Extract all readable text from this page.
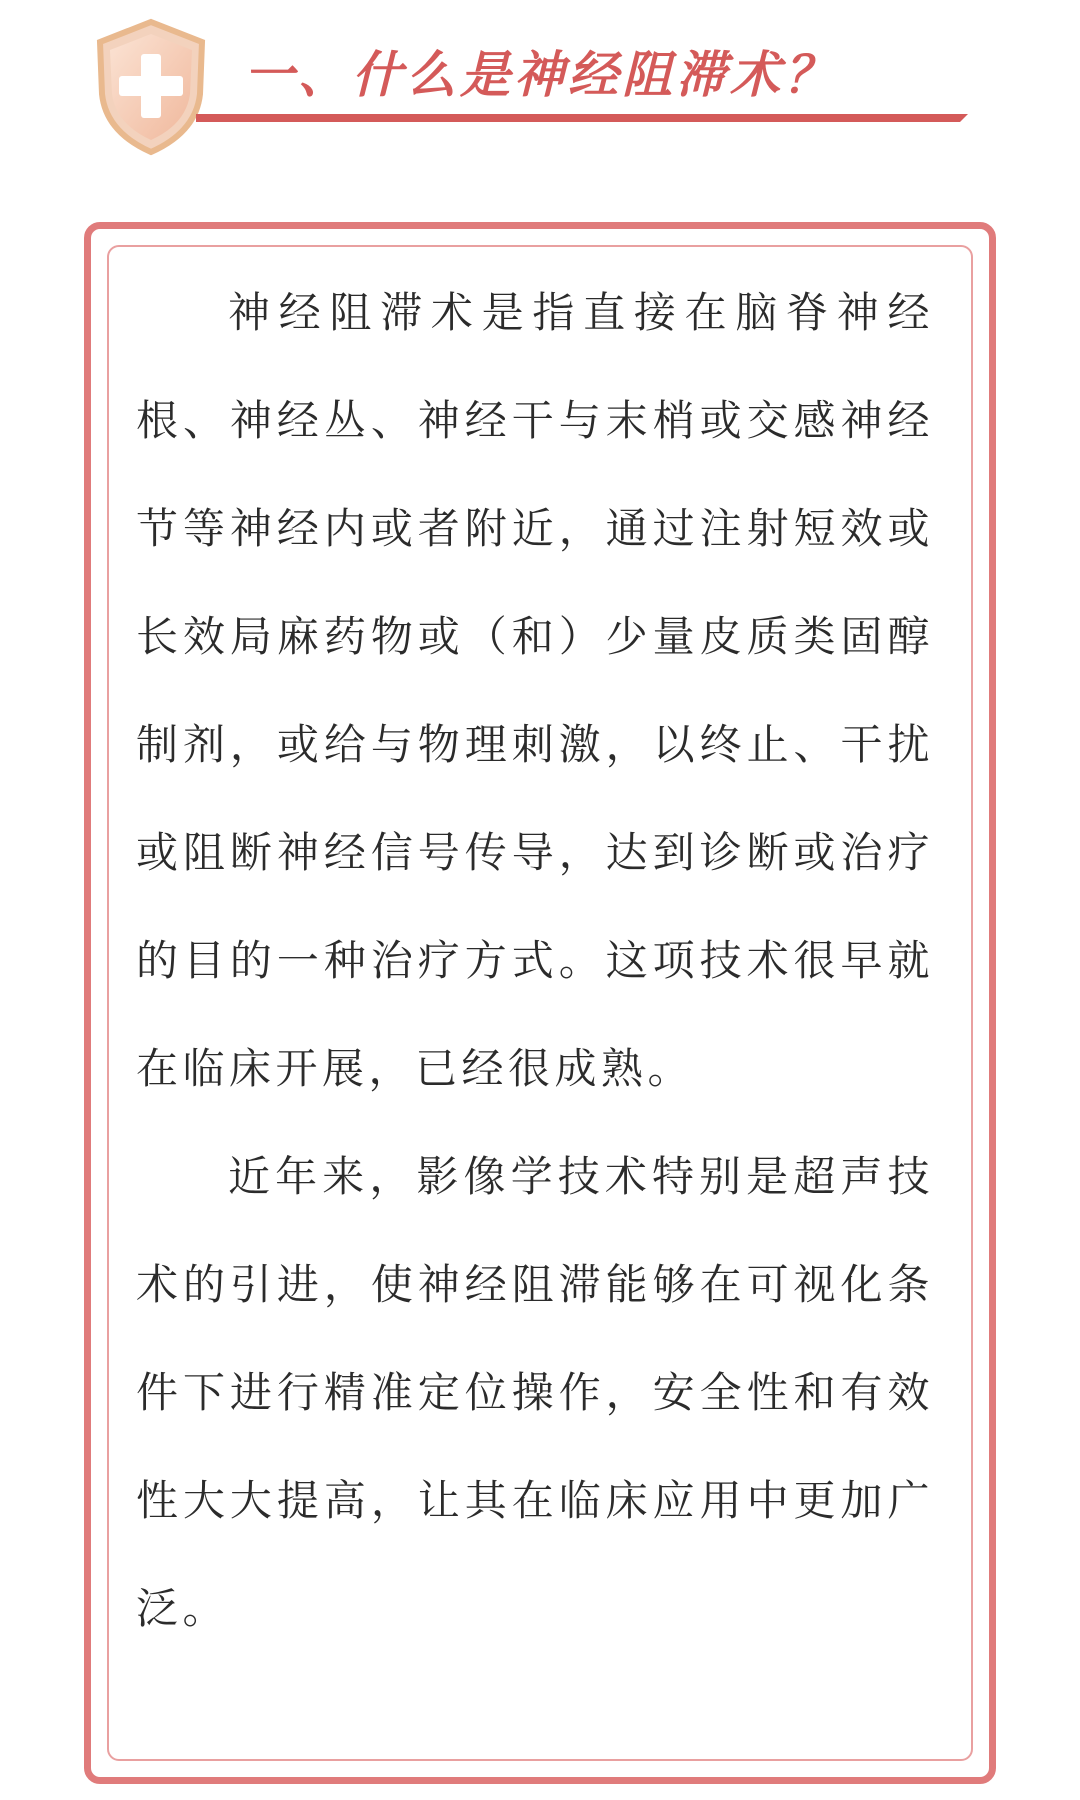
一、什么是神经阻滞术？

神经阻滞术是指直接在脑脊神经根、神经丛、神经干与末梢或交感神经节等神经内或者附近，通过注射短效或长效局麻药物或（和）少量皮质类固醇制剂，或给与物理刺激，以终止、干扰或阻断神经信号传导，达到诊断或治疗的目的一种治疗方式。这项技术很早就在临床开展，已经很成熟。

近年来，影像学技术特别是超声技术的引进，使神经阻滞能够在可视化条件下进行精准定位操作，安全性和有效性大大提高，让其在临床应用中更加广泛。
